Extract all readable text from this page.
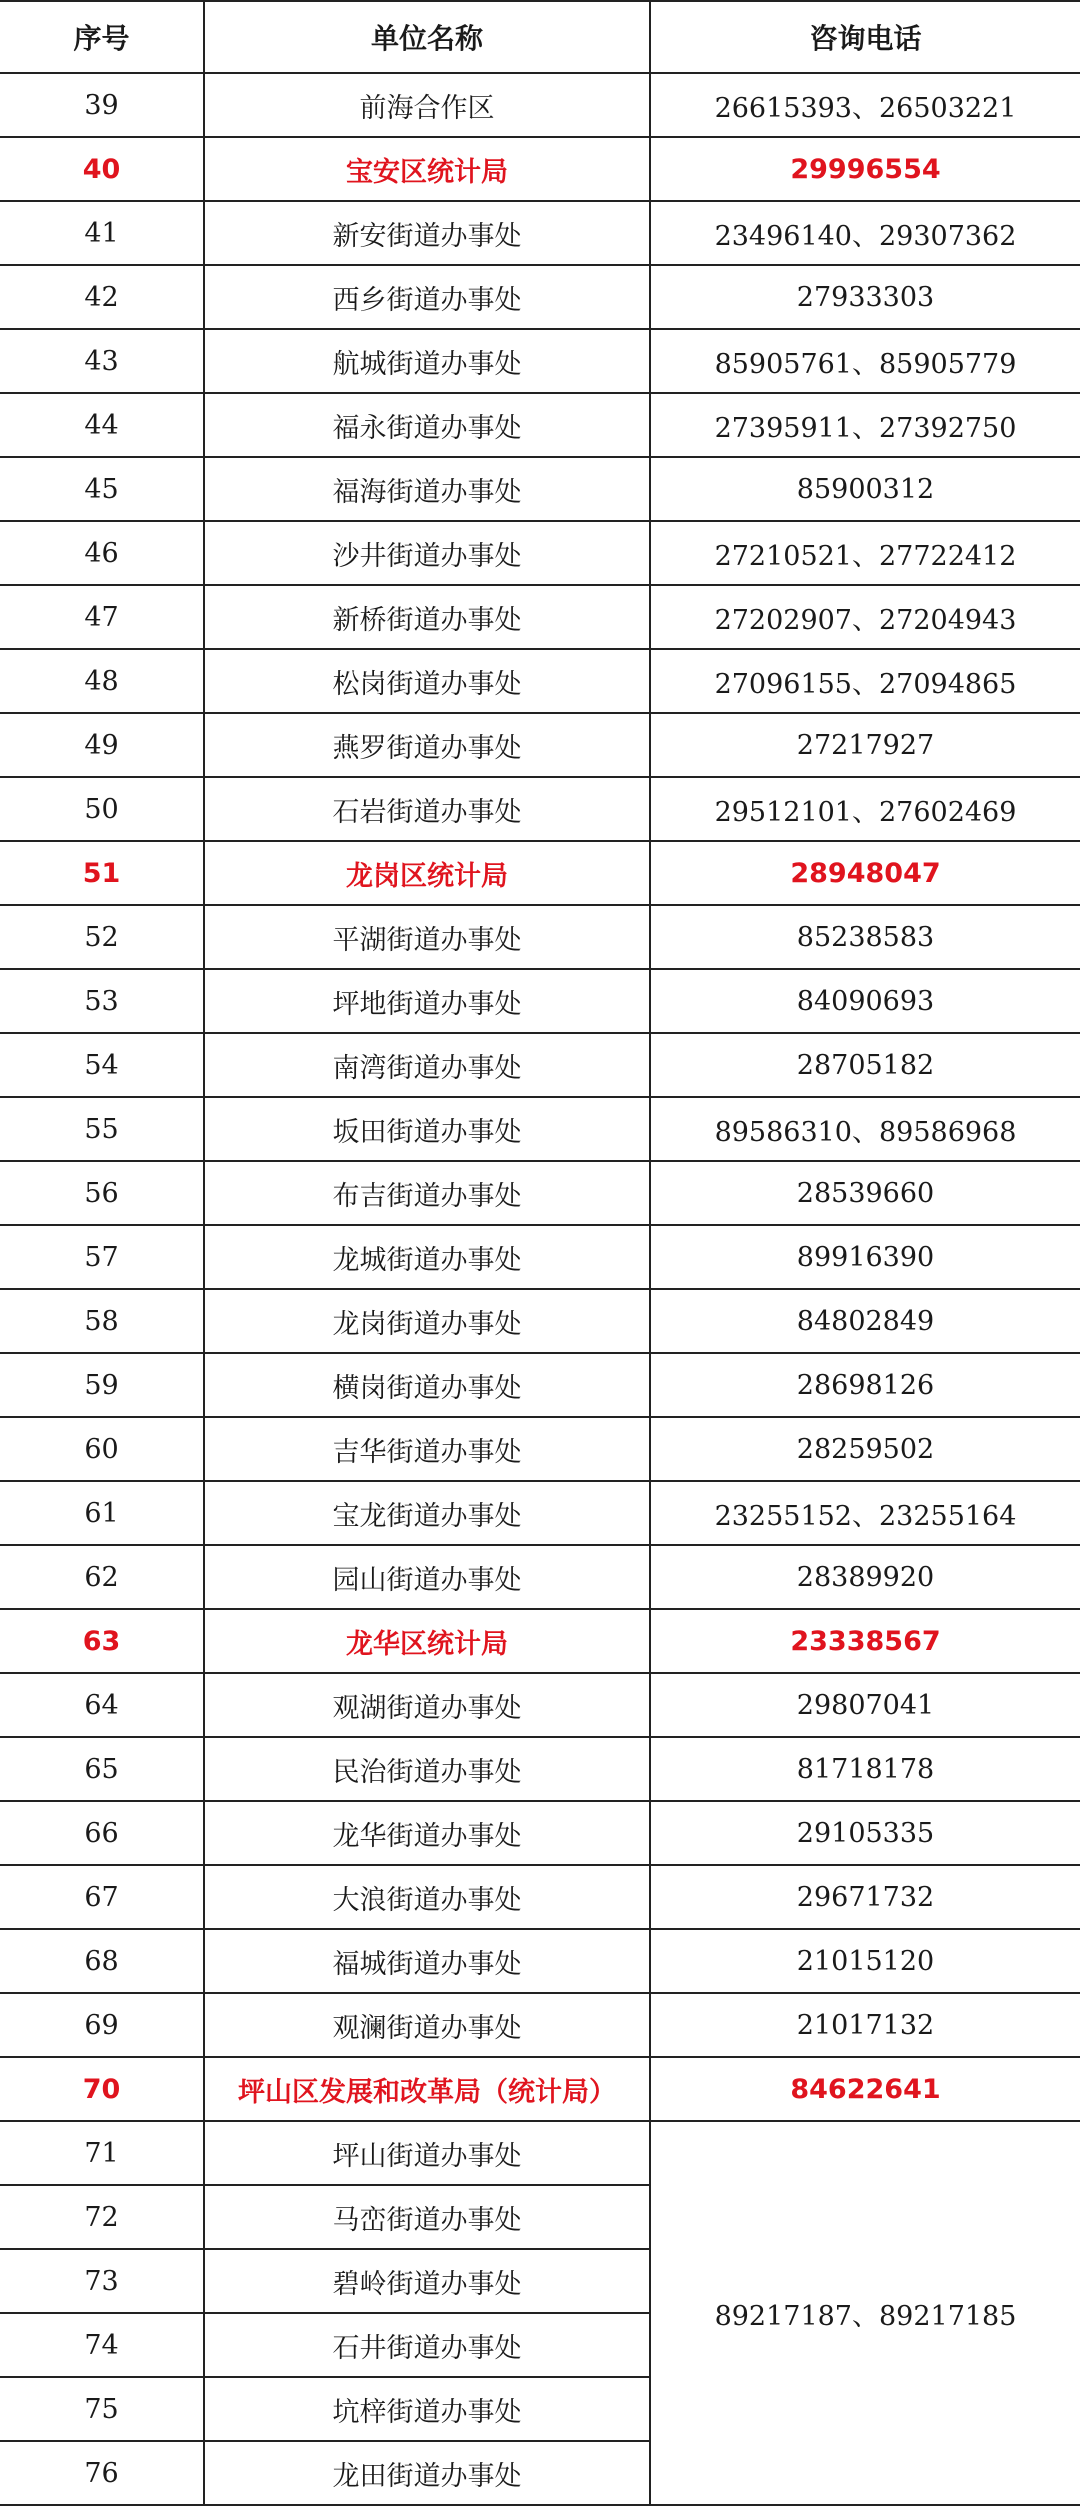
序号	单位名称	咨询电话
39	前海合作区	26615393、26503221
40	宝安区统计局	29996554
41	新安街道办事处	23496140、29307362
42	西乡街道办事处	27933303
43	航城街道办事处	85905761、85905779
44	福永街道办事处	27395911、27392750
45	福海街道办事处	85900312
46	沙井街道办事处	27210521、27722412
47	新桥街道办事处	27202907、27204943
48	松岗街道办事处	27096155、27094865
49	燕罗街道办事处	27217927
50	石岩街道办事处	29512101、27602469
51	龙岗区统计局	28948047
52	平湖街道办事处	85238583
53	坪地街道办事处	84090693
54	南湾街道办事处	28705182
55	坂田街道办事处	89586310、89586968
56	布吉街道办事处	28539660
57	龙城街道办事处	89916390
58	龙岗街道办事处	84802849
59	横岗街道办事处	28698126
60	吉华街道办事处	28259502
61	宝龙街道办事处	23255152、23255164
62	园山街道办事处	28389920
63	龙华区统计局	23338567
64	观湖街道办事处	29807041
65	民治街道办事处	81718178
66	龙华街道办事处	29105335
67	大浪街道办事处	29671732
68	福城街道办事处	21015120
69	观澜街道办事处	21017132
70	坪山区发展和改革局（统计局）	84622641
71	坪山街道办事处	89217187、89217185
72	马峦街道办事处	
73	碧岭街道办事处	
74	石井街道办事处	
75	坑梓街道办事处	
76	龙田街道办事处	
